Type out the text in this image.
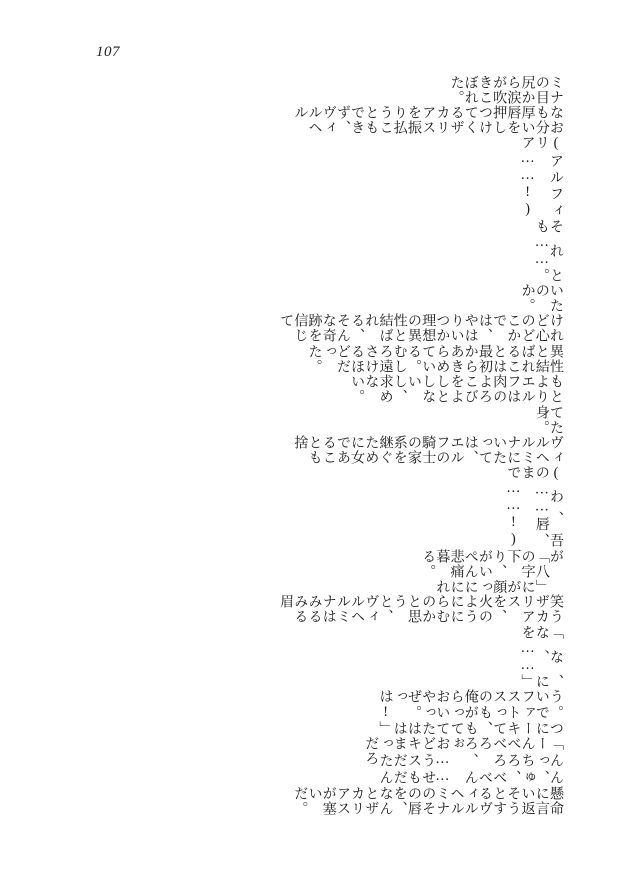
107
懸命に言い返そうとするヴィルヘルミナのその唇を、なんとザカリアスが塞いだ。
「んんーっ、んちゅべろ、べろべろべろ、んぉお……どうせキスもまだだったんだろ
う。ついでにファーストキスってのも、俺がもらっておいてやったぜ。はっはは!」
「な、な、にを……」
笑うザカリアスを、火のようににらむのかと思うと、ヴィルヘルミナはみるみる眉
が「八」の字に下がり、顔がいっぺんに悲痛に暮れる。
(わ、吾の……唇、まで……!)
ヴィルヘルミナにいたっては、エルフの騎士の家系を継ぐために女であることも捨
てた身。
もとよりエルフは肉のよろこびをよしとしないし、求めない。
異性と結ばれることは最初からあきらめている。むしろ遠さけるほどだった。
けれど心のどこかでは、やはりいつか理想の異性と結ばれる、そんな奇跡を信じて
いたのか。
それとも……。
(アルフィリア……!)
なおも分厚い唇を押しつけてくるザカリアスを振り払うこともできず、ヴィルヘル
ミナの目尻から涙が吹きこぼれた。
